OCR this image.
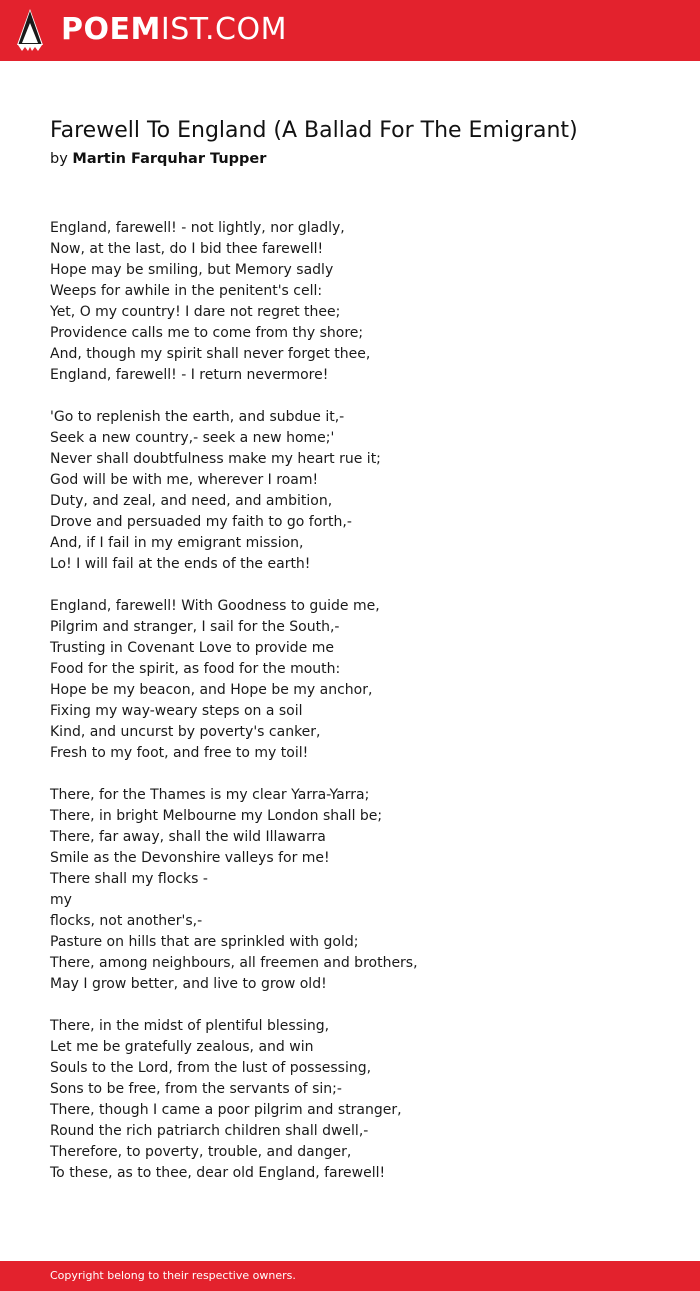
POEMIST.COM
Farewell To England (A Ballad For The Emigrant)
by Martin Farquhar Tupper
England, farewell! - not lightly, nor gladly,
Now, at the last, do I bid thee farewell!
Hope may be smiling, but Memory sadly
Weeps for awhile in the penitent's cell:
Yet, O my country! I dare not regret thee;
Providence calls me to come from thy shore;
And, though my spirit shall never forget thee,
England, farewell! - I return nevermore!
'Go to replenish the earth, and subdue it,-
Seek a new country,- seek a new home;'
Never shall doubtfulness make my heart rue it;
God will be with me, wherever I roam!
Duty, and zeal, and need, and ambition,
Drove and persuaded my faith to go forth,-
And, if I fail in my emigrant mission,
Lo! I will fail at the ends of the earth!
England, farewell! With Goodness to guide me,
Pilgrim and stranger, I sail for the South,-
Trusting in Covenant Love to provide me
Food for the spirit, as food for the mouth:
Hope be my beacon, and Hope be my anchor,
Fixing my way-weary steps on a soil
Kind, and uncurst by poverty's canker,
Fresh to my foot, and free to my toil!
There, for the Thames is my clear Yarra-Yarra;
There, in bright Melbourne my London shall be;
There, far away, shall the wild Illawarra
Smile as the Devonshire valleys for me!
There shall my flocks -
my
flocks, not another's,-
Pasture on hills that are sprinkled with gold;
There, among neighbours, all freemen and brothers,
May I grow better, and live to grow old!
There, in the midst of plentiful blessing,
Let me be gratefully zealous, and win
Souls to the Lord, from the lust of possessing,
Sons to be free, from the servants of sin;-
There, though I came a poor pilgrim and stranger,
Round the rich patriarch children shall dwell,-
Therefore, to poverty, trouble, and danger,
To these, as to thee, dear old England, farewell!
Copyright belong to their respective owners.
